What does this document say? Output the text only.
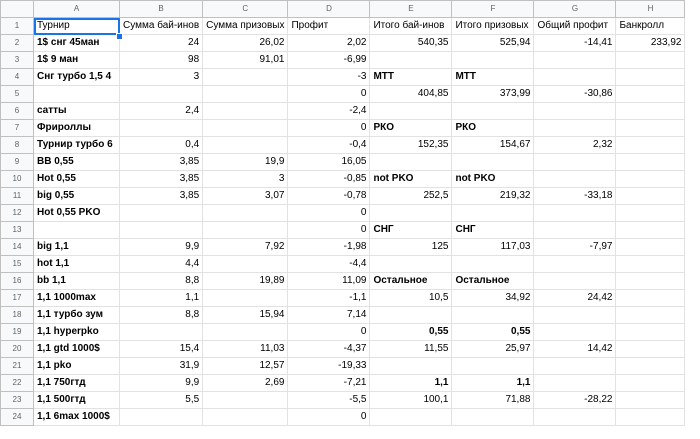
	A	B	C	D	E	F	G	H
1	Турнир	Сумма бай-инов	Сумма призовых	Профит	Итого бай-инов	Итого призовых	Общий профит	Банкролл
2	1$ снг 45ман	24	26,02	2,02	540,35	525,94	-14,41	233,92
3	1$ 9 ман	98	91,01	-6,99				
4	Снг турбо 1,5 4	3		-3	МТТ	МТТ		
5				0	404,85	373,99	-30,86	
6	сатты	2,4		-2,4				
7	Фрироллы			0	РКО	РКО		
8	Турнир турбо 6	0,4		-0,4	152,35	154,67	2,32	
9	BB 0,55	3,85	19,9	16,05				
10	Hot 0,55	3,85	3	-0,85	not PKO	not PKO		
11	big 0,55	3,85	3,07	-0,78	252,5	219,32	-33,18	
12	Hot 0,55 PKO			0				
13				0	СНГ	СНГ		
14	big 1,1	9,9	7,92	-1,98	125	117,03	-7,97	
15	hot 1,1	4,4		-4,4				
16	bb 1,1	8,8	19,89	11,09	Остальное	Остальное		
17	1,1 1000max	1,1		-1,1	10,5	34,92	24,42	
18	1,1 турбо зум	8,8	15,94	7,14				
19	1,1 hyperpko			0	0,55	0,55		
20	1,1 gtd 1000$	15,4	11,03	-4,37	11,55	25,97	14,42	
21	1,1 pko	31,9	12,57	-19,33				
22	1,1 750гтд	9,9	2,69	-7,21	1,1	1,1		
23	1,1 500гтд	5,5		-5,5	100,1	71,88	-28,22	
24	1,1 6max 1000$			0				
